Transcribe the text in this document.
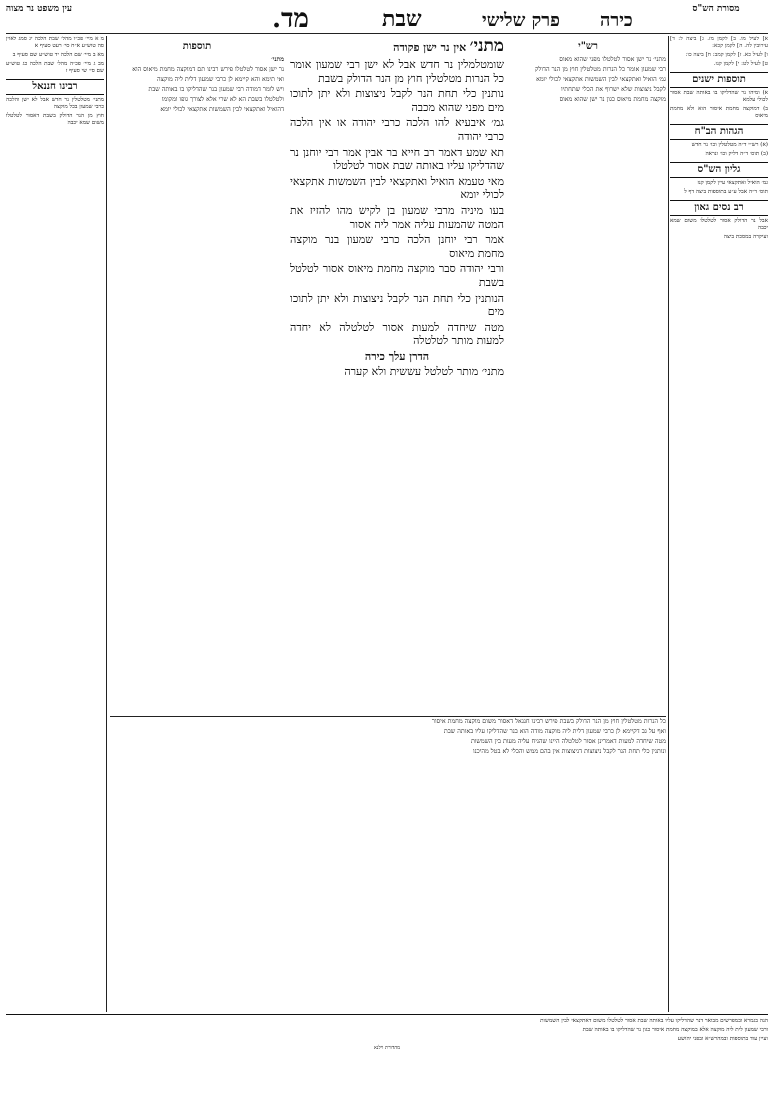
מסורת הש"ס
כירה
פרק שלישי
שבת
מד.
עין משפט נר מצוה
א] לעיל מו. ב] לקמן מז. ג] ביצה ל: ד] עירובין לה. ה] לקמן קכא:
ו] לעיל כא. ז] לקמן קמב: ח] ביצה כו:
ט] לעיל לט: י] לקמן קנז.
תוספות ישנים
א) ומיהו נר שהדליקו בו באותה שבת אסור לכולי עלמא
ב) דמוקצה מחמת איסור הוא ולא מחמת מיאוס
הגהות הב"ח
(א) רש״י ד״ה מטלטלין וכו׳ נר חדש
(ב) תוס׳ ד״ה דליק וכו׳ ונראה
גליון הש"ס
גמ׳ הואיל ואתקצאי עיין לקמן קנז
תוס׳ ד״ה אבל ע״ע בתוספות ביצה דף ל
רב נסים גאון
אבל נר הדולק אסור לטלטלו משום שמא יכבה
ועיקרה במסכת ביצה
רש"י
מתני׳ נר ישן אסור לטלטלו מפני שהוא מאוס
רבי שמעון אומר כל הנרות מטלטלין חוץ מן הנר הדולק
גמ׳ הואיל ואתקצאי לבין השמשות אתקצאי לכולי יומא
לקבל ניצוצות שלא ישרוף את הכלי שתחתיו
מוקצה מחמת מיאוס כגון נר ישן שהוא מאוס
מתני׳ אין נר ישן פקודה
שומטלמלין נר חדש אבל לא ישן רבי שמעון אומר כל הנרות מטלטלין חוץ מן הנר הדולק בשבת
נותנין כלי תחת הנר לקבל ניצוצות ולא יתן לתוכו מים מפני שהוא מכבה
גמ׳ איבעיא להו הלכה כרבי יהודה או אין הלכה כרבי יהודה
תא שמע דאמר רב חייא בר אבין אמר רבי יוחנן נר שהדליקו עליו באותה שבת אסור לטלטלו
מאי טעמא הואיל ואתקצאי לבין השמשות אתקצאי לכולי יומא
בעו מיניה מרבי שמעון בן לקיש מהו להזיז את המטה שהמעות עליה אמר ליה אסור
אמר רבי יוחנן הלכה כרבי שמעון בנר מוקצה מחמת מיאוס
ורבי יהודה סבר מוקצה מחמת מיאוס אסור לטלטל בשבת
הנותנין כלי תחת הנר לקבל ניצוצות ולא יתן לתוכו מים
מטה שיחדה למעות אסור לטלטלה לא יחדה למעות מותר לטלטלה
הדרן עלך כירה
מתני׳ מותר לטלטל עששית ולא קערה
תוספות
מתני׳
נר ישן אסור לטלטלו פירש רבינו תם דמוקצה מחמת מיאוס הוא
ואי תימא והא קיימא לן כרבי שמעון דלית ליה מוקצה
ויש לומר דמודה רבי שמעון בנר שהדליקו בו באותה שבת
ולטלטלו בשבת הא לא שרי אלא לצורך גופו ומקומו
דהואיל ואתקצאי לבין השמשות אתקצאי לכולי יומא
כל הנרות מטלטלין חוץ מן הנר הדולק בשבת פירש רבינו חננאל דאסור משום מוקצה מחמת איסור
ואף על גב דקיימא לן כרבי שמעון דלית ליה מוקצה מודה הוא בנר שהדליקו עליו באותה שבת
מטה שיחדה למעות דאמרינן אסור לטלטלה היינו שהניח עליה מעות בין השמשות
ונותנין כלי תחת הנר לקבל ניצוצות דניצוצות אין בהם ממש והכלי לא בטל מהיכנו
מ א מיי׳ פכ״ו מהל׳ שבת הלכה יג סמג לאוין סה טוש״ע א״ח סי׳ רעט סעיף א
מא ב מיי׳ שם הלכה יד טוש״ע שם סעיף ב
מב ג מיי׳ פכ״ה מהל׳ שבת הלכה כג טוש״ע שם סי׳ שי סעיף ז
רבינו חננאל
מתני׳ מטלטלין נר חדש אבל לא ישן והלכה כרבי שמעון בכל מוקצה
חוץ מן הנר הדולק בשבת דאסור לטלטלו משום שמא יכבה
הנה בגמרא ובמפרשים מבואר דנר שהדליקו עליו באותה שבת אסור לטלטלו משום דאתקצאי לבין השמשות
ורבי שמעון לית ליה מוקצה אלא במוקצה מחמת איסור כגון נר שהדליקו בו באותה שבת
ועיין עוד בתוספות ובמהרש״א ובפני יהושע
מהדורת וילנא
